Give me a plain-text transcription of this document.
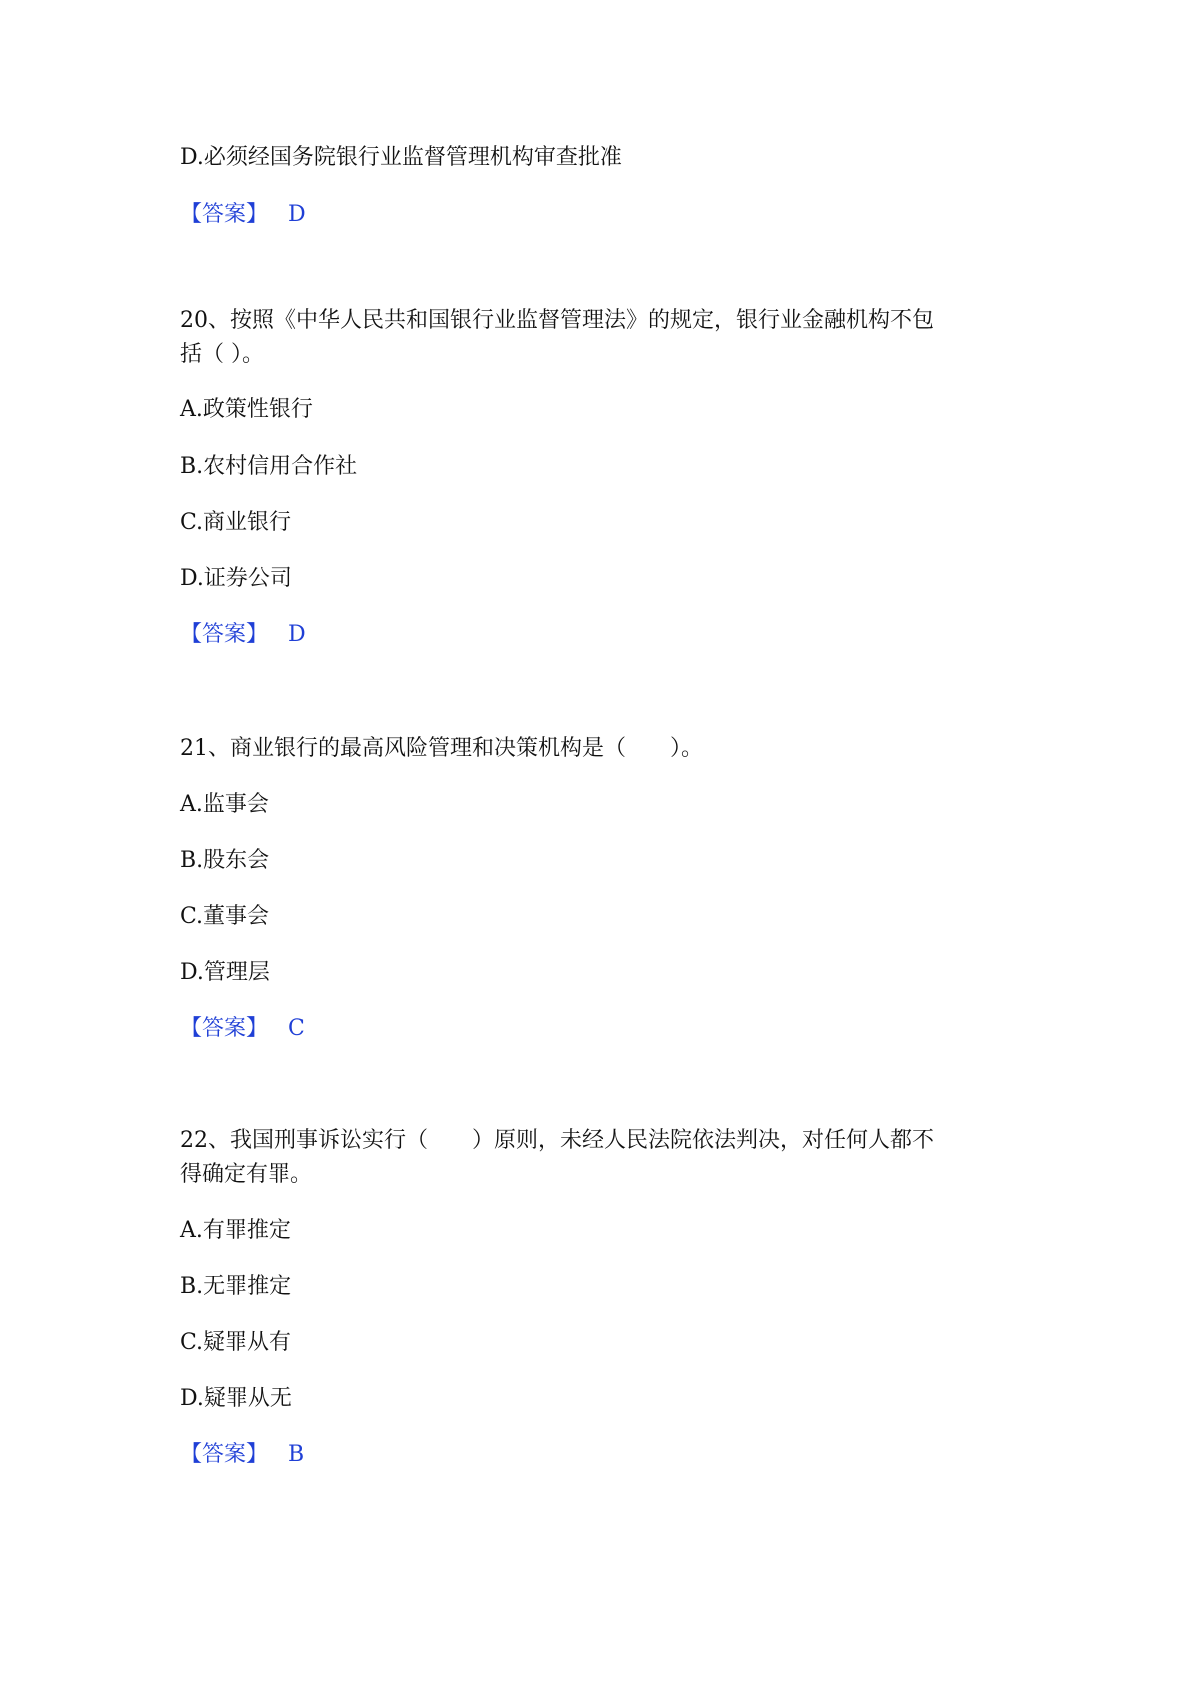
D.必须经国务院银行业监督管理机构审查批准
【答案】 D
20、按照《中华人民共和国银行业监督管理法》的规定，银行业金融机构不包
括（ ）。
A.政策性银行
B.农村信用合作社
C.商业银行
D.证券公司
【答案】 D
21、商业银行的最高风险管理和决策机构是（　　）。
A.监事会
B.股东会
C.董事会
D.管理层
【答案】 C
22、我国刑事诉讼实行（　　）原则，未经人民法院依法判决，对任何人都不
得确定有罪。
A.有罪推定
B.无罪推定
C.疑罪从有
D.疑罪从无
【答案】 B
